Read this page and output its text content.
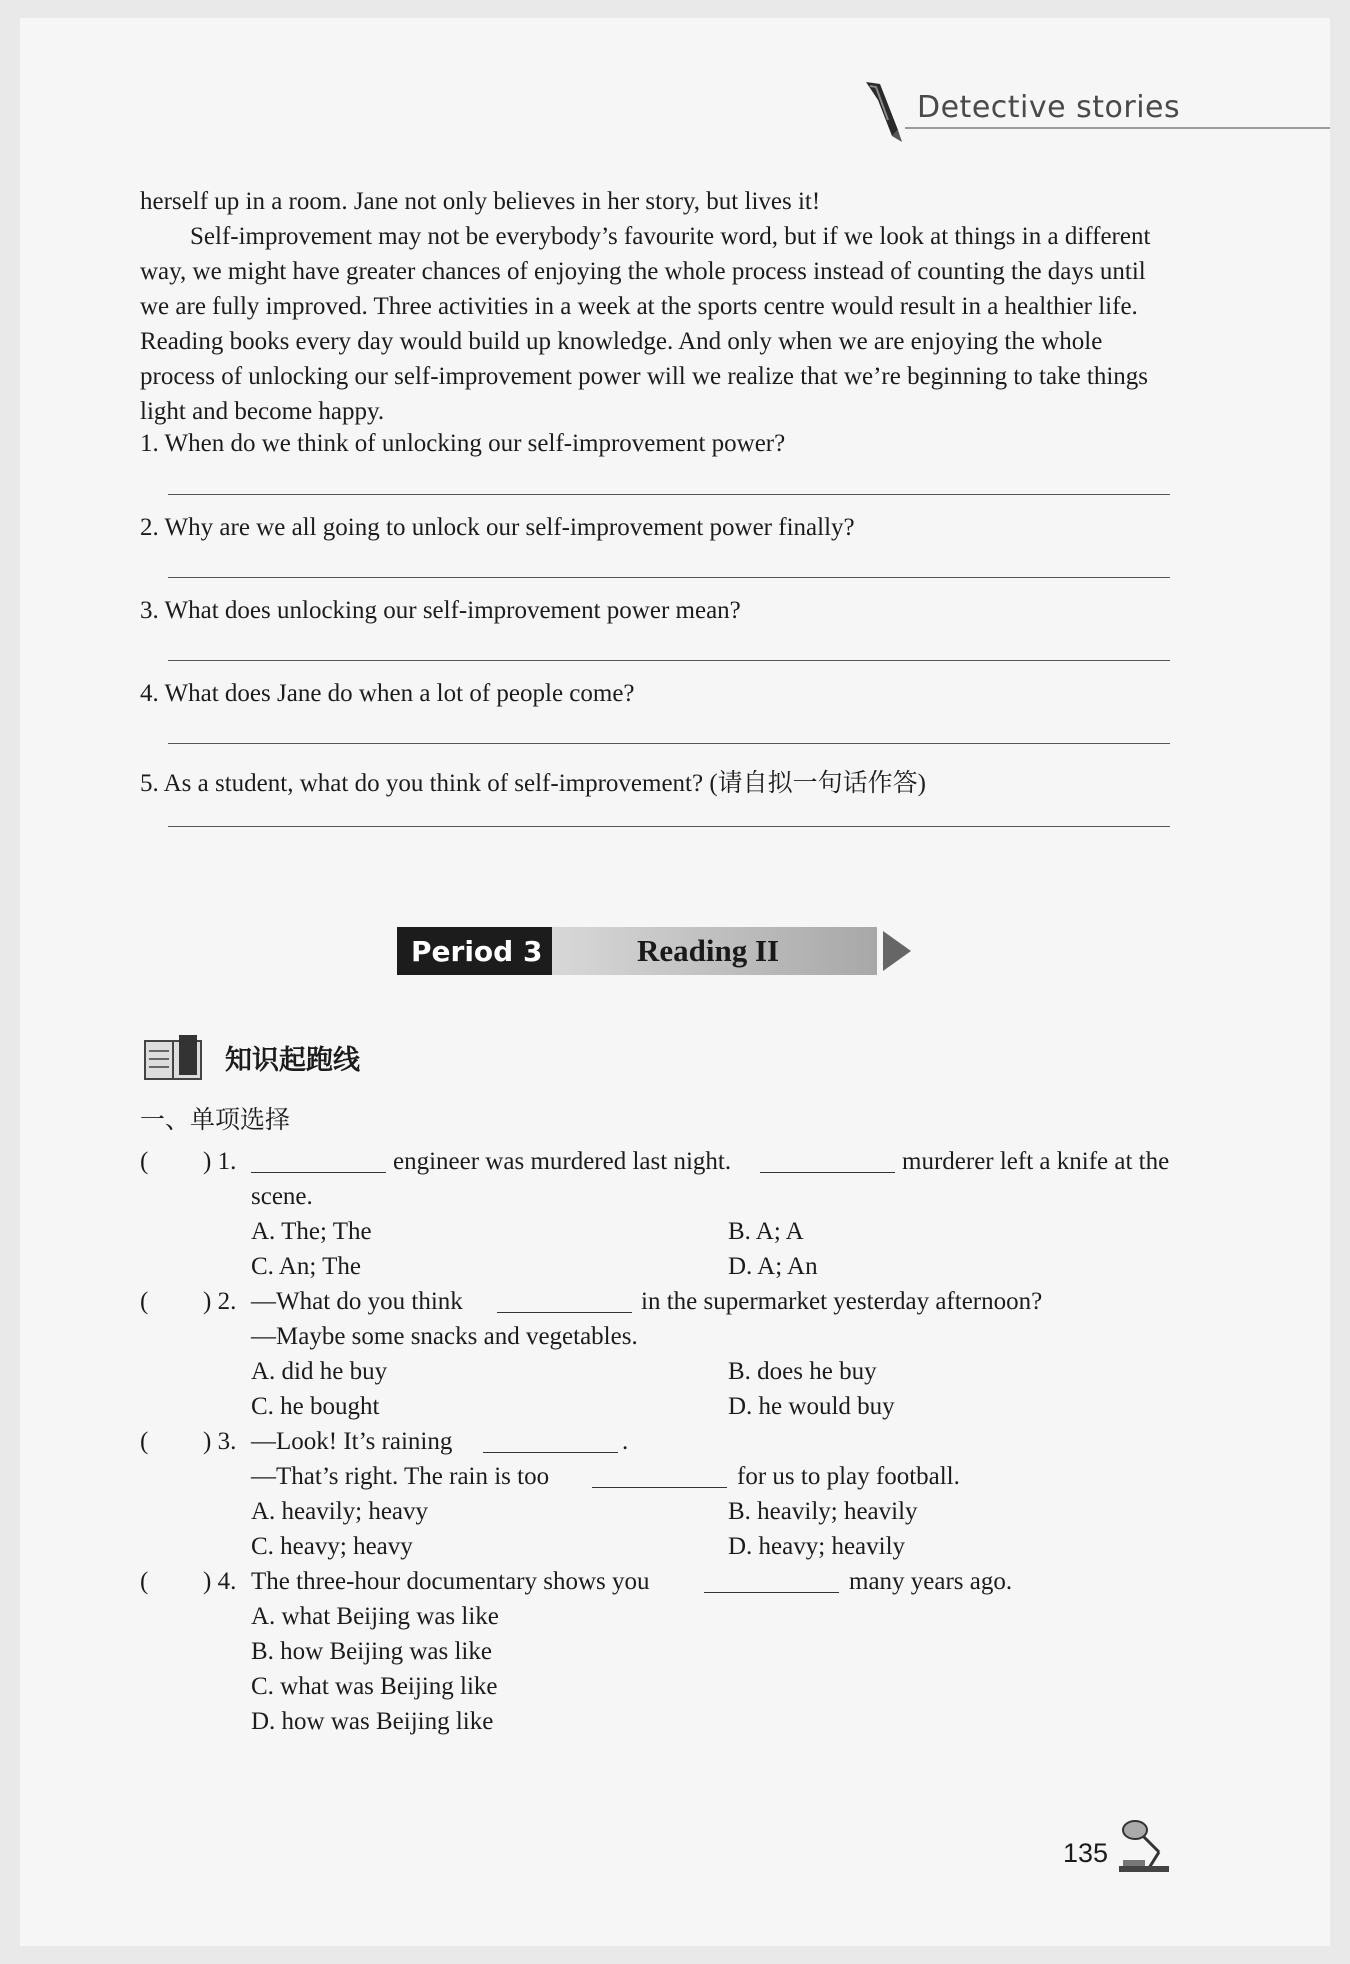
Detective stories
herself up in a room. Jane not only believes in her story, but lives it!
Self-improvement may not be everybody’s favourite word, but if we look at things in a different way, we might have greater chances of enjoying the whole process instead of counting the days until we are fully improved. Three activities in a week at the sports centre would result in a healthier life. Reading books every day would build up knowledge. And only when we are enjoying the whole process of unlocking our self-improvement power will we realize that we’re beginning to take things light and become happy.
1. When do we think of unlocking our self-improvement power?
2. Why are we all going to unlock our self-improvement power finally?
3. What does unlocking our self-improvement power mean?
4. What does Jane do when a lot of people come?
5. As a student, what do you think of self-improvement? (请自拟一句话作答)
Period 3	Reading II
知识起跑线
一、单项选择
( ) 1.	engineer was murdered last night.	murderer left a knife at the
scene.
A. The; The	B. A; A
C. An; The	D. A; An
( ) 2. —What do you think	in the supermarket yesterday afternoon?
—Maybe some snacks and vegetables.
A. did he buy	B. does he buy
C. he bought	D. he would buy
( ) 3. —Look! It’s raining	.
—That’s right. The rain is too	for us to play football.
A. heavily; heavy	B. heavily; heavily
C. heavy; heavy	D. heavy; heavily
( ) 4. The three-hour documentary shows you	many years ago.
A. what Beijing was like
B. how Beijing was like
C. what was Beijing like
D. how was Beijing like
135
